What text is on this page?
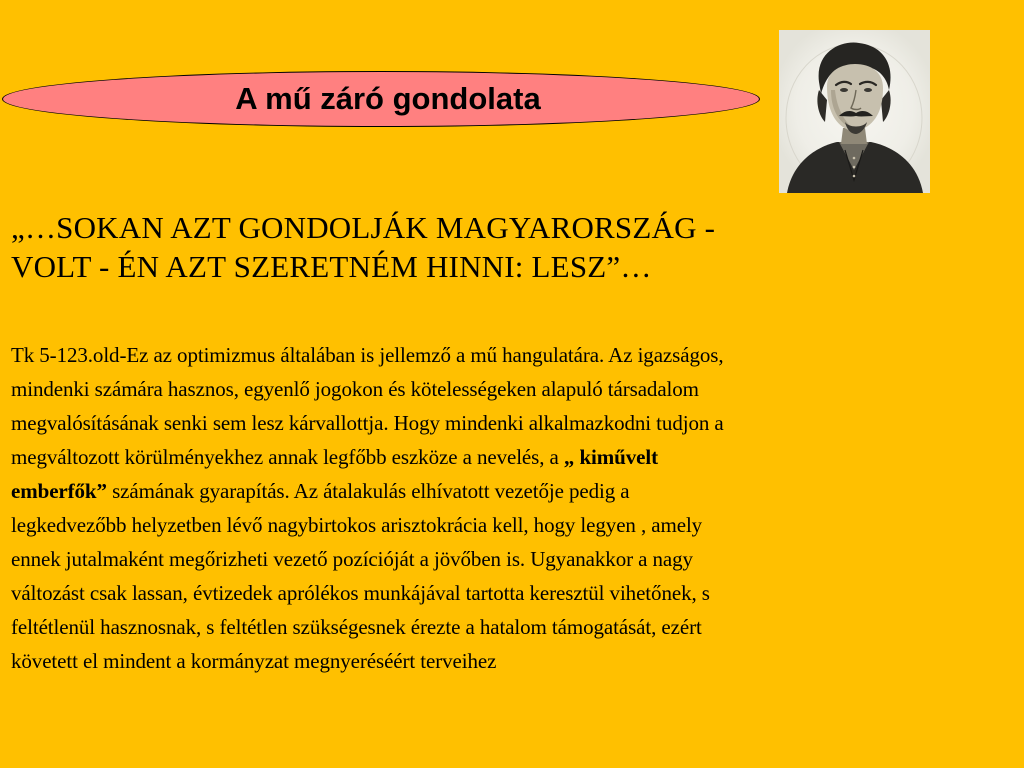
A mű záró gondolata

„…SOKAN AZT GONDOLJÁK MAGYARORSZÁG -
VOLT - ÉN AZT SZERETNÉM HINNI: LESZ”…

Tk 5-123.old-Ez az optimizmus általában is jellemző a mű hangulatára. Az igazságos,
mindenki számára hasznos, egyenlő jogokon és kötelességeken alapuló társadalom
megvalósításának senki sem lesz kárvallottja. Hogy mindenki alkalmazkodni tudjon a
megváltozott körülményekhez annak legfőbb eszköze a nevelés, a „ kiművelt
emberfők” számának gyarapítás. Az átalakulás elhívatott vezetője pedig a
legkedvezőbb helyzetben lévő nagybirtokos arisztokrácia kell, hogy legyen , amely
ennek jutalmaként megőrizheti vezető pozícióját a jövőben is. Ugyanakkor a nagy
változást csak lassan, évtizedek aprólékos munkájával tartotta keresztül vihetőnek, s
feltétlenül hasznosnak, s feltétlen szükségesnek érezte a hatalom támogatását, ezért
követett el mindent a kormányzat megnyeréséért terveihez
